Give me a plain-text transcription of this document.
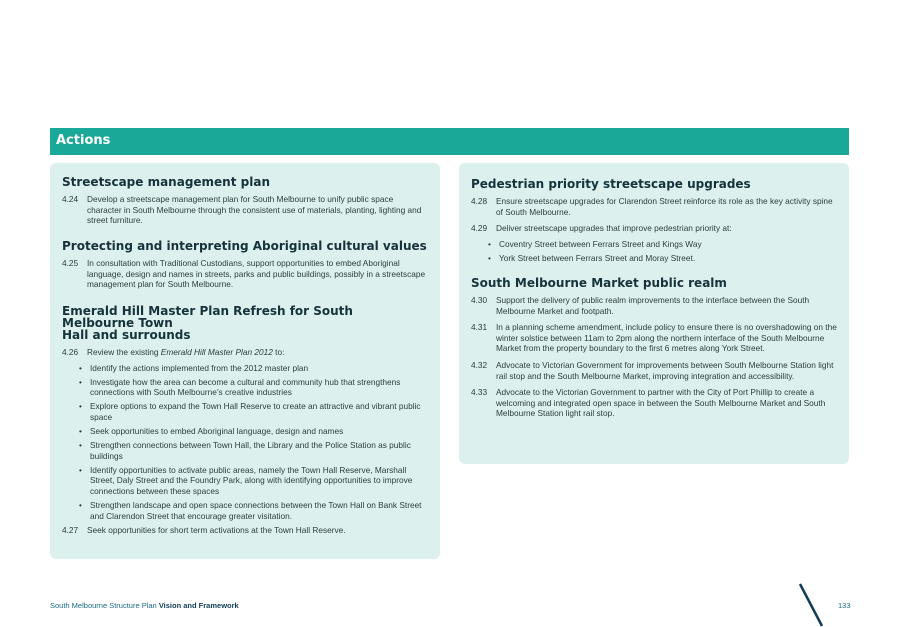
Actions
Streetscape management plan
4.24 Develop a streetscape management plan for South Melbourne to unify public space character in South Melbourne through the consistent use of materials, planting, lighting and street furniture.

Protecting and interpreting Aboriginal cultural values
4.25 In consultation with Traditional Custodians, support opportunities to embed Aboriginal language, design and names in streets, parks and public buildings, possibly in a streetscape management plan for South Melbourne.

Emerald Hill Master Plan Refresh for South Melbourne Town
Hall and surrounds
4.26 Review the existing Emerald Hill Master Plan 2012 to:

• Identify the actions implemented from the 2012 master plan
• Investigate how the area can become a cultural and community hub that strengthens connections with South Melbourne’s creative industries
• Explore options to expand the Town Hall Reserve to create an attractive and vibrant public space
• Seek opportunities to embed Aboriginal language, design and names
• Strengthen connections between Town Hall, the Library and the Police Station as public buildings
• Identify opportunities to activate public areas, namely the Town Hall Reserve, Marshall Street, Daly Street and the Foundry Park, along with identifying opportunities to improve connections between these spaces
• Strengthen landscape and open space connections between the Town Hall on Bank Street and Clarendon Street that encourage greater visitation.
4.27 Seek opportunities for short term activations at the Town Hall Reserve.

Pedestrian priority streetscape upgrades
4.28 Ensure streetscape upgrades for Clarendon Street reinforce its role as the key activity spine of South Melbourne.

4.29 Deliver streetscape upgrades that improve pedestrian priority at:

• Coventry Street between Ferrars Street and Kings Way
• York Street between Ferrars Street and Moray Street.
South Melbourne Market public realm
4.30 Support the delivery of public realm improvements to the interface between the South Melbourne Market and footpath.

4.31 In a planning scheme amendment, include policy to ensure there is no overshadowing on the winter solstice between 11am to 2pm along the northern interface of the South Melbourne Market from the property boundary to the first 6 metres along York Street.

4.32 Advocate to Victorian Government for improvements between South Melbourne Station light rail stop and the South Melbourne Market, improving integration and accessibility.

4.33 Advocate to the Victorian Government to partner with the City of Port Phillip to create a welcoming and integrated open space in between the South Melbourne Market and South Melbourne Station light rail stop.

South Melbourne Structure Plan Vision and Framework	133
